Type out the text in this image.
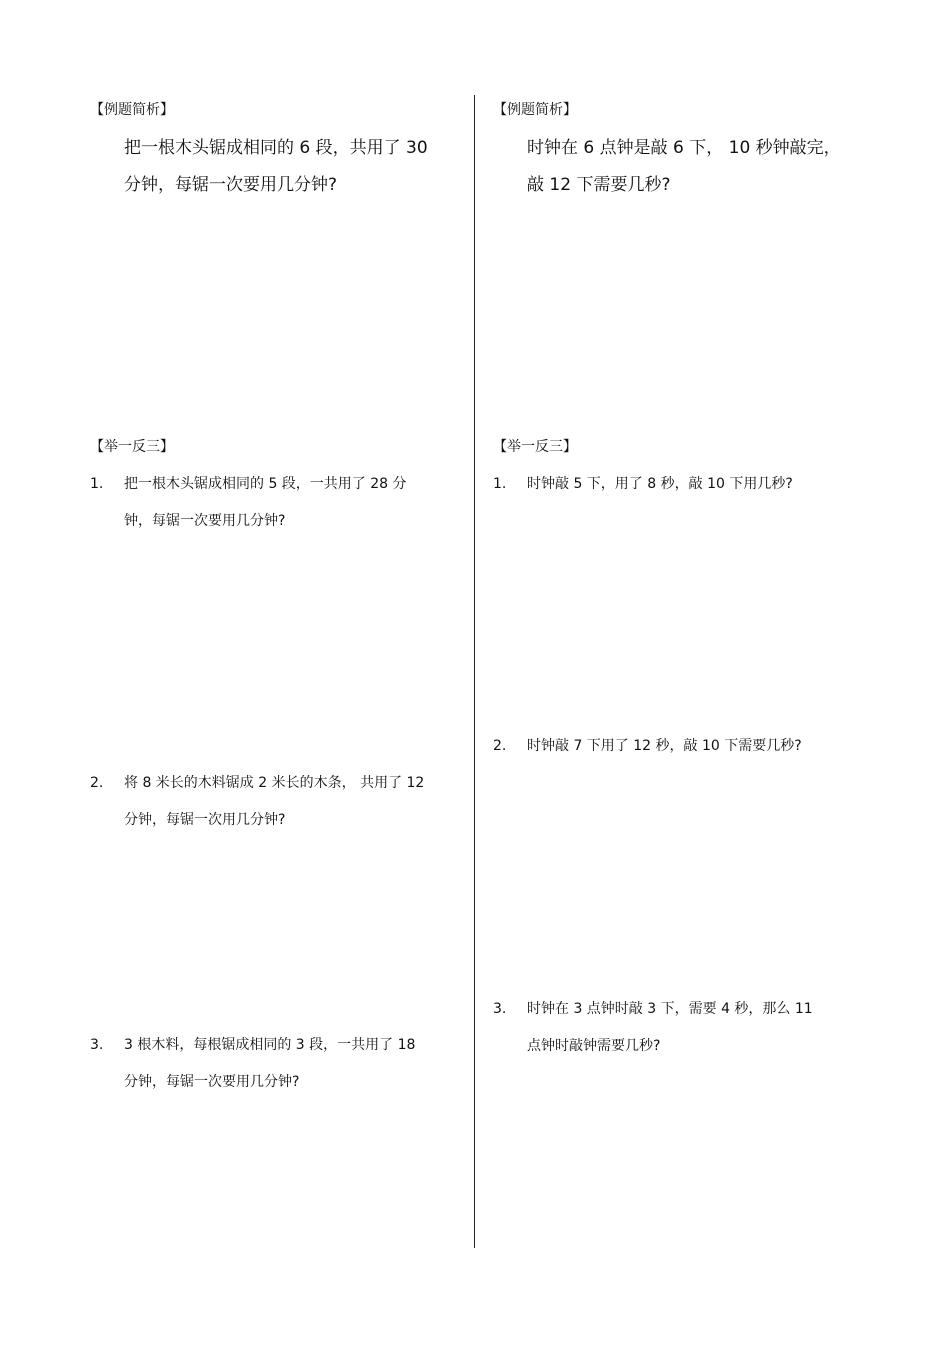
【例题简析】
把一根木头锯成相同的 6 段，共用了 30
分钟，每锯一次要用几分钟?
【举一反三】
1. 把一根木头锯成相同的 5 段，一共用了 28 分
钟，每锯一次要用几分钟?
2. 将 8 米长的木料锯成 2 米长的木条， 共用了 12
分钟，每锯一次用几分钟?
3. 3 根木料，每根锯成相同的 3 段，一共用了 18
分钟，每锯一次要用几分钟?
【例题简析】
时钟在 6 点钟是敲 6 下， 10 秒钟敲完，
敲 12 下需要几秒?
【举一反三】
1. 时钟敲 5 下，用了 8 秒，敲 10 下用几秒?
2. 时钟敲 7 下用了 12 秒，敲 10 下需要几秒?
3. 时钟在 3 点钟时敲 3 下，需要 4 秒，那么 11
点钟时敲钟需要几秒?
